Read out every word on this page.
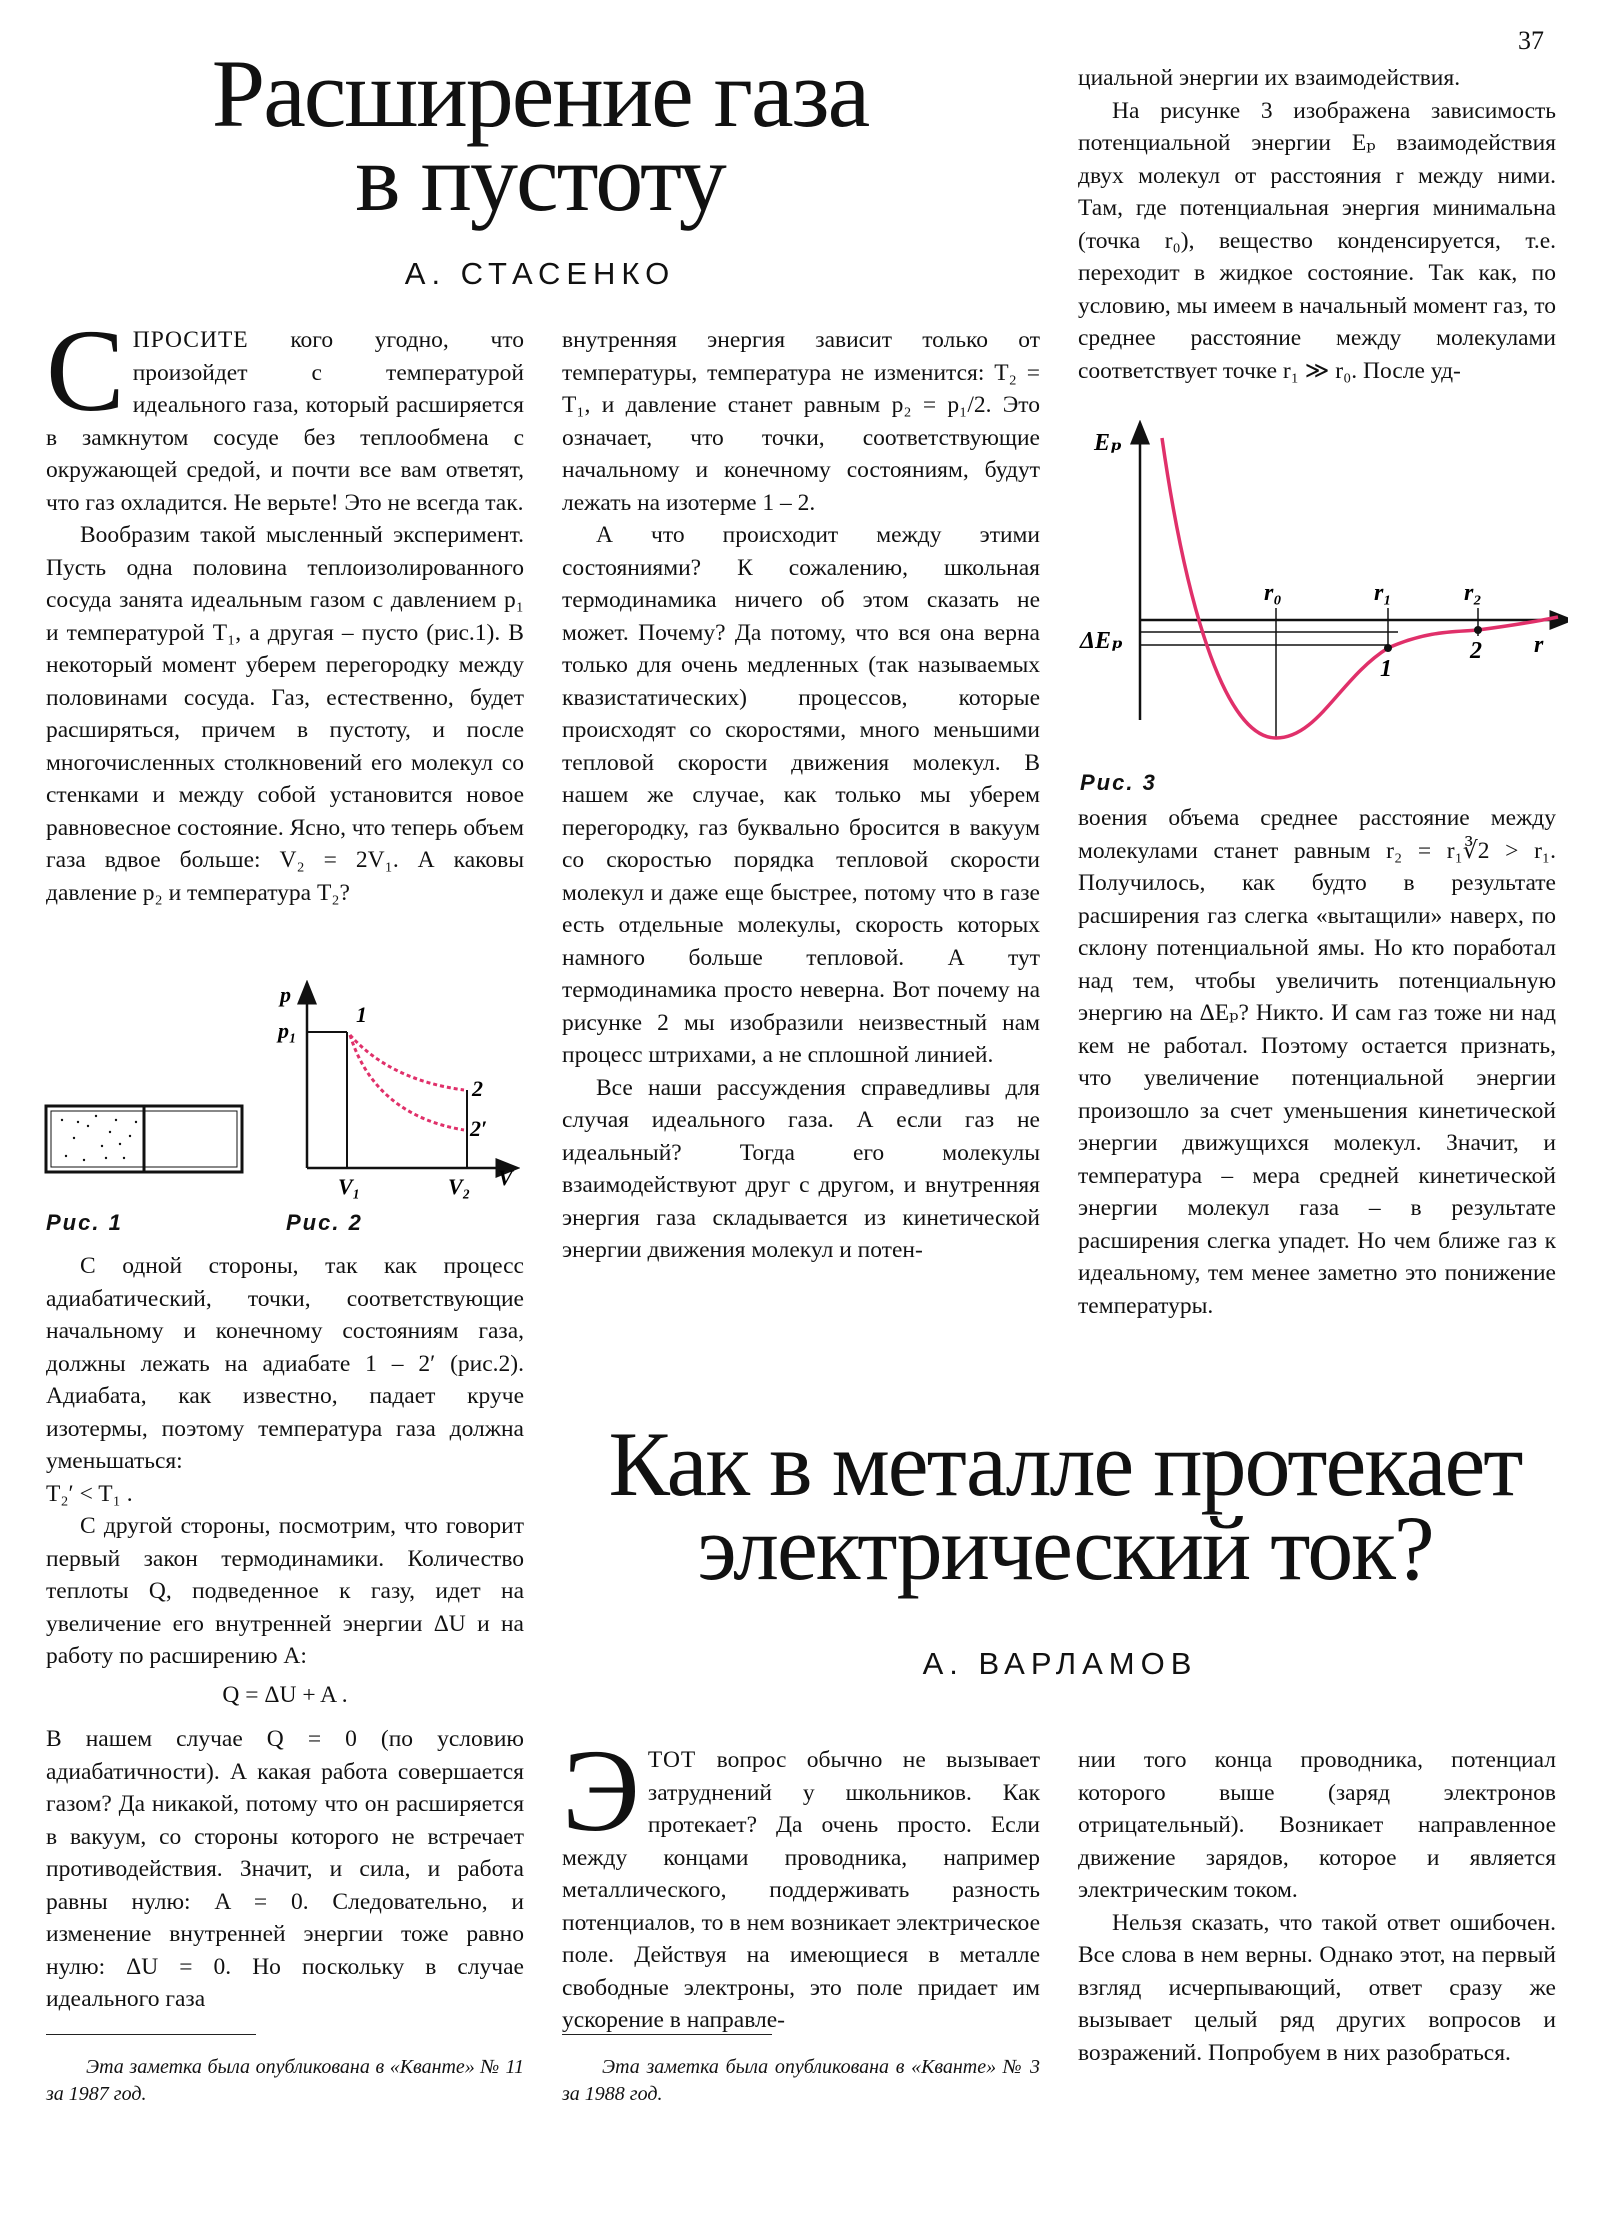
37
Расширение газа
в пустоту
А. СТАСЕНКО

СПРОСИТЕ кого угодно, что произойдет с температурой идеального газа, который расширяется в замкнутом сосуде без теплообмена с окружающей средой, и почти все вам ответят, что газ охладится. Не верьте! Это не всегда так.

Вообразим такой мысленный эксперимент. Пусть одна половина теплоизолированного сосуда занята идеальным газом с давлением p₁ и температурой T₁, а другая – пусто (рис.1). В некоторый момент уберем перегородку между половинами сосуда. Газ, естественно, будет расширяться, причем в пустоту, и после многочисленных столкновений его молекул со стенками и между собой установится новое равновесное состояние. Ясно, что теперь объем газа вдвое больше: V₂ = 2V₁. А каковы давление p₂ и температура T₂?

p
p₁
V₁	V₂ V
1
2
2′
Рис. 1	Рис. 2

С одной стороны, так как процесс адиабатический, точки, соответствующие начальному и конечному состояниям газа, должны лежать на адиабате 1 – 2′ (рис.2). Адиабата, как известно, падает круче изотермы, поэтому температура газа должна уменьшаться:

T₂′ < T₁ .

С другой стороны, посмотрим, что говорит первый закон термодинамики. Количество теплоты Q, подведенное к газу, идет на увеличение его внутренней энергии ΔU и на работу по расширению A:

Q = ΔU + A .

В нашем случае Q = 0 (по условию адиабатичности). А какая работа совершается газом? Да никакой, потому что он расширяется в вакуум, со стороны которого не встречает противодействия. Значит, и сила, и работа равны нулю: A = 0. Следовательно, и изменение внутренней энергии тоже равно нулю: ΔU = 0. Но поскольку в случае идеального газа

внутренняя энергия зависит только от температуры, температура не изменится: T₂ = T₁, и давление станет равным p₂ = p₁/2. Это означает, что точки, соответствующие начальному и конечному состояниям, будут лежать на изотерме 1 – 2.

А что происходит между этими состояниями? К сожалению, школьная термодинамика ничего об этом сказать не может. Почему? Да потому, что вся она верна только для очень медленных (так называемых квазистатических) процессов, которые происходят со скоростями, много меньшими тепловой скорости движения молекул. В нашем же случае, как только мы уберем перегородку, газ буквально бросится в вакуум со скоростью порядка тепловой скорости молекул и даже еще быстрее, потому что в газе есть отдельные молекулы, скорость которых намного больше тепловой. А тут термодинамика просто неверна. Вот почему на рисунке 2 мы изобразили неизвестный нам процесс штрихами, а не сплошной линией.

Все наши рассуждения справедливы для случая идеального газа. А если газ не идеальный? Тогда его молекулы взаимодействуют друг с другом, и внутренняя энергия газа складывается из кинетической энергии движения молекул и потен-

циальной энергии их взаимодействия.

На рисунке 3 изображена зависимость потенциальной энергии Eₚ взаимодействия двух молекул от расстояния r между ними. Там, где потенциальная энергия минимальна (точка r₀), вещество конденсируется, т.е. переходит в жидкое состояние. Так как, по условию, мы имеем в начальный момент газ, то среднее расстояние между молекулами соответствует точке r₁ ≫ r₀. После уд-

Eₚ
ΔEₚ	r
r₀	r₁	r₂
1
2
Рис. 3

воения объема среднее расстояние между молекулами станет равным r₂ = r₁∛2 > r₁. Получилось, как будто в результате расширения газ слегка «вытащили» наверх, по склону потенциальной ямы. Но кто поработал над тем, чтобы увеличить потенциальную энергию на ΔEₚ? Никто. И сам газ тоже ни над кем не работал. Поэтому остается признать, что увеличение потенциальной энергии произошло за счет уменьшения кинетической энергии движущихся молекул. Значит, и температура – мера средней кинетической энергии молекул газа – в результате расширения слегка упадет. Но чем ближе газ к идеальному, тем менее заметно это понижение температуры.

Эта заметка была опубликована в «Кванте» № 11 за 1987 год.
Как в металле протекает
электрический ток?
А. ВАРЛАМОВ

ЭТОТ вопрос обычно не вызывает затруднений у школьников. Как протекает? Да очень просто. Если между концами проводника, например металлического, поддерживать разность потенциалов, то в нем возникает электрическое поле. Действуя на имеющиеся в металле свободные электроны, это поле придает им ускорение в направле-

нии того конца проводника, потенциал которого выше (заряд электронов отрицательный). Возникает направленное движение зарядов, которое и является электрическим током.

Нельзя сказать, что такой ответ ошибочен. Все слова в нем верны. Однако этот, на первый взгляд исчерпывающий, ответ сразу же вызывает целый ряд других вопросов и возражений. Попробуем в них разобраться.

Эта заметка была опубликована в «Кванте» № 3 за 1988 год.
